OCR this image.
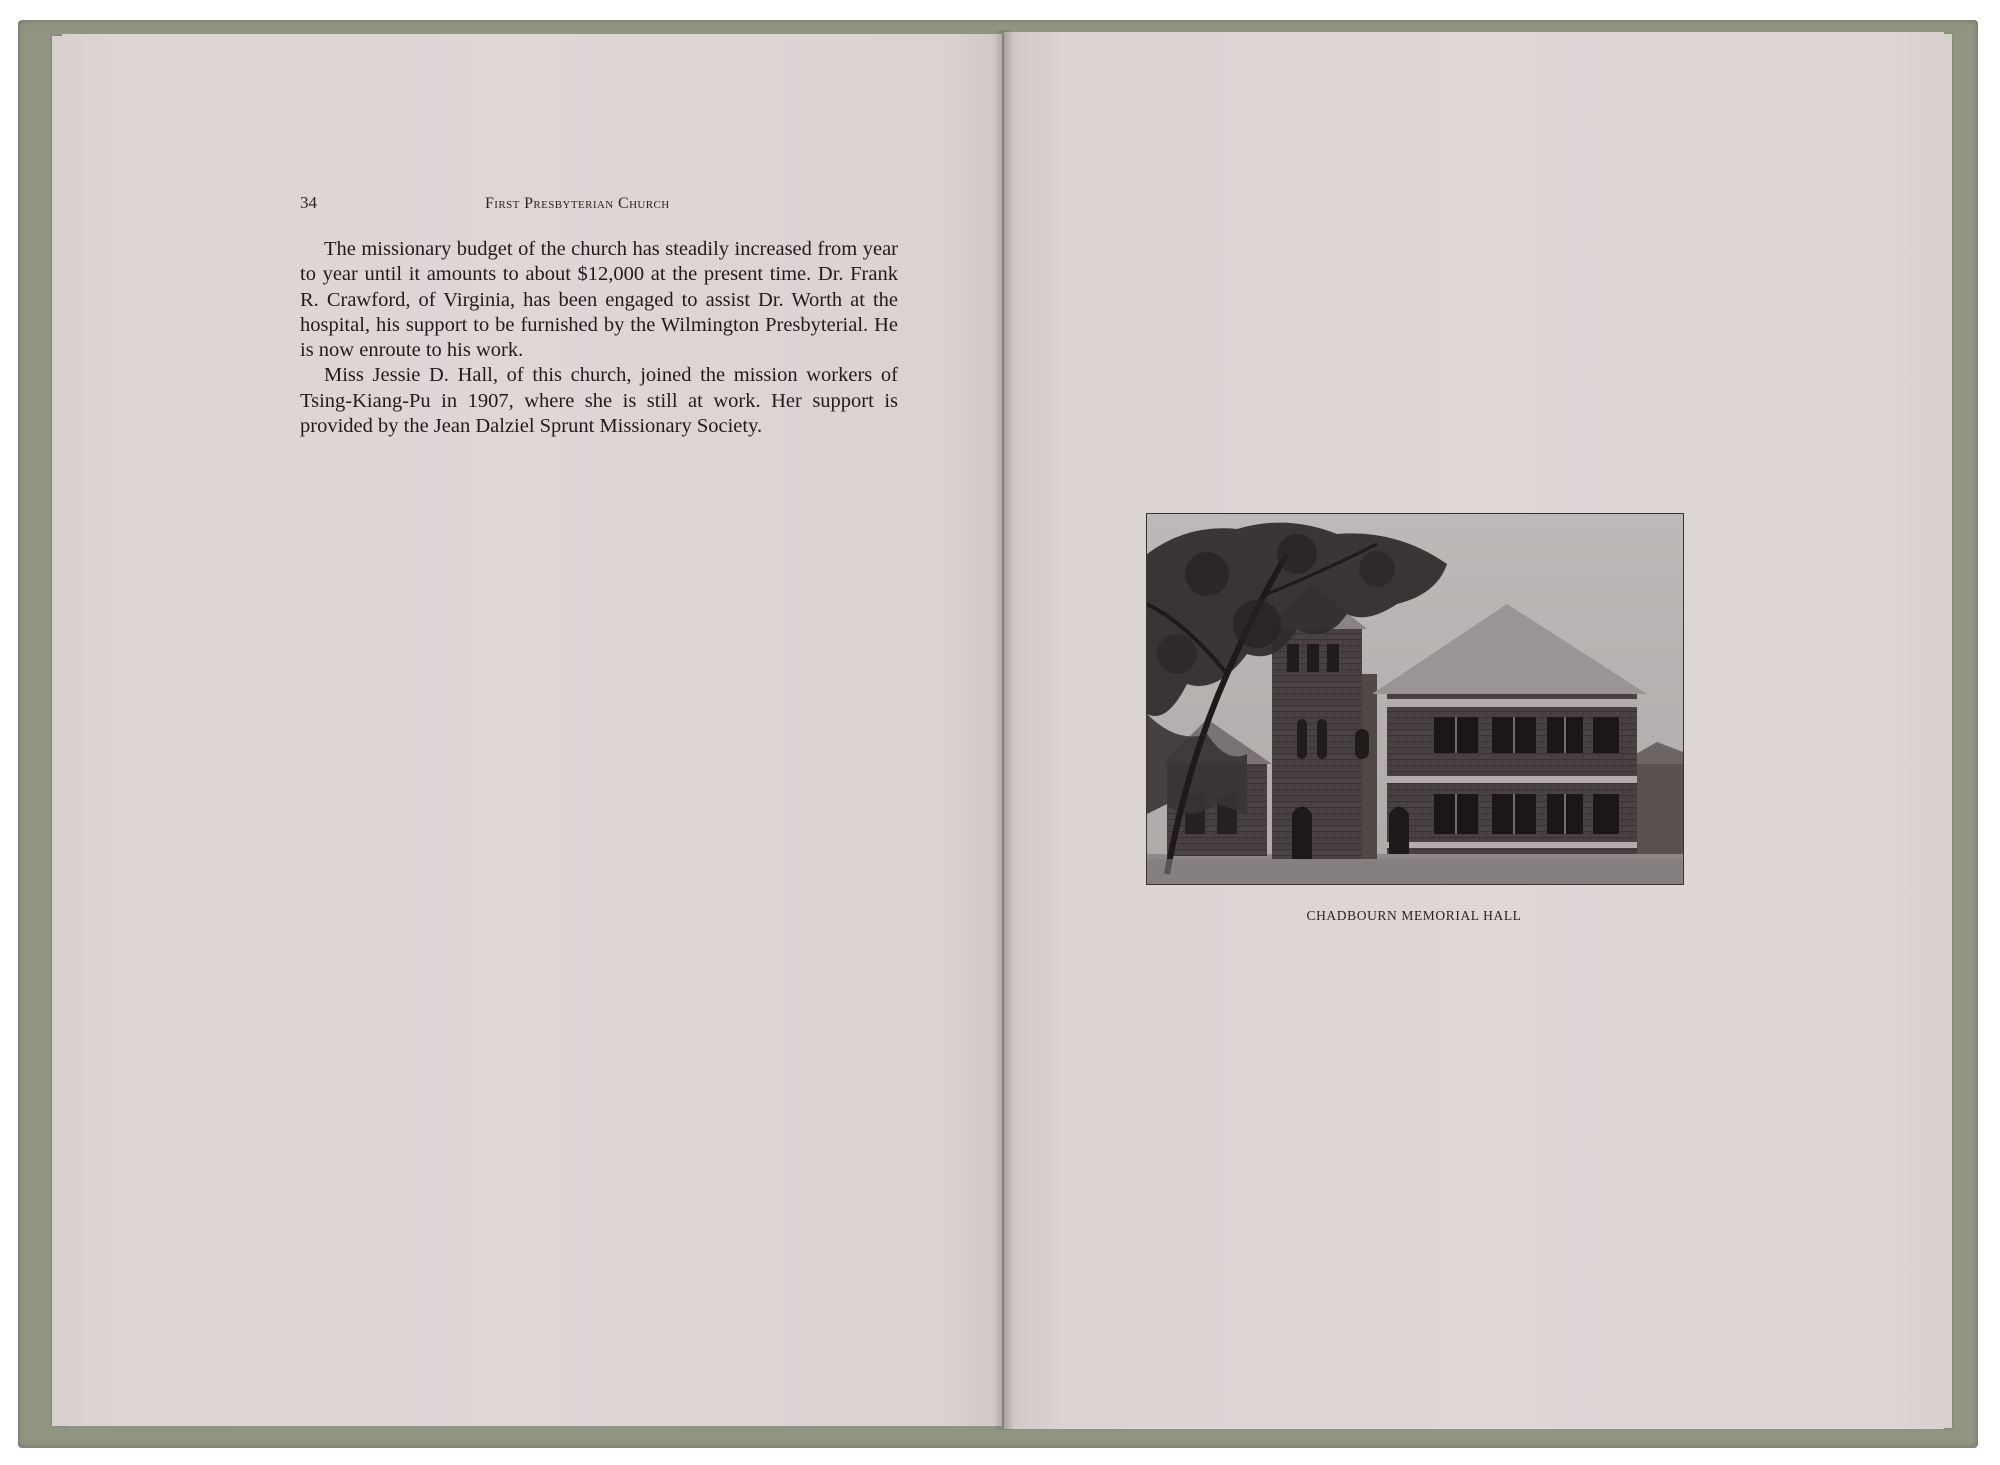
34	First Presbyterian Church

The missionary budget of the church has steadily increased from year to year until it amounts to about $12,000 at the present time. Dr. Frank R. Crawford, of Virginia, has been engaged to assist Dr. Worth at the hospital, his support to be furnished by the Wilmington Presbyterial. He is now enroute to his work.

Miss Jessie D. Hall, of this church, joined the mission workers of Tsing-Kiang-Pu in 1907, where she is still at work. Her support is provided by the Jean Dalziel Sprunt Missionary Society.

CHADBOURN MEMORIAL HALL
